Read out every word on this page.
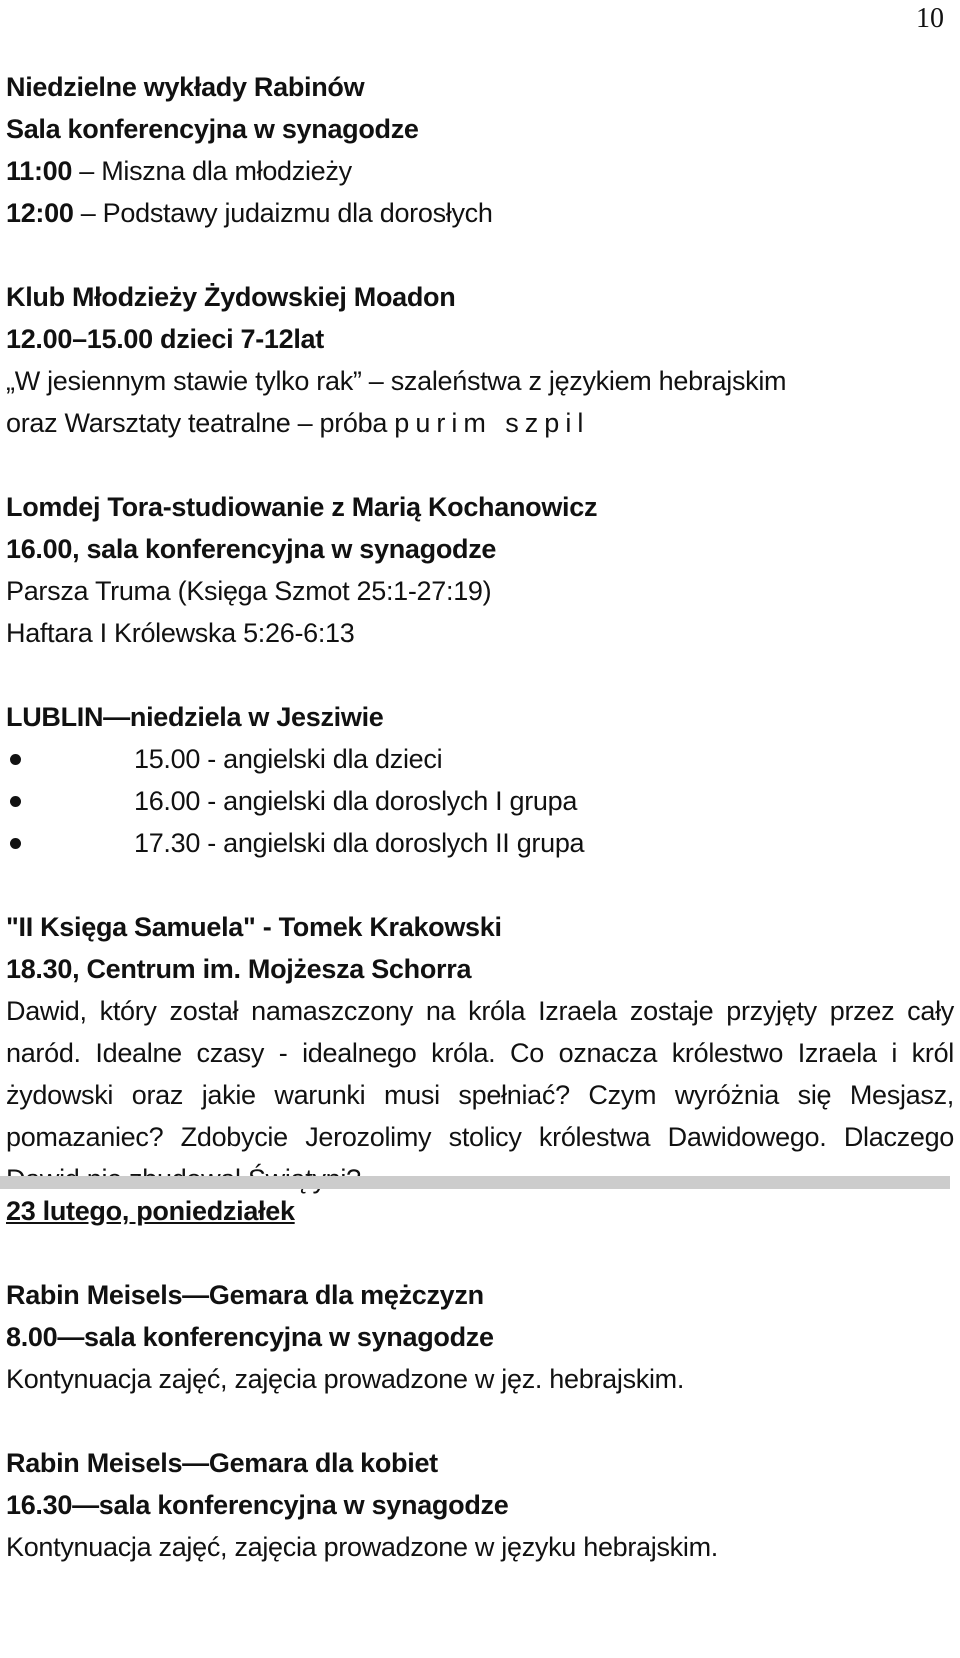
10

Niedzielne wykłady Rabinów

Sala konferencyjna w synagodze

11:00 – Miszna dla młodzieży

12:00 – Podstawy judaizmu dla dorosłych

Klub Młodzieży Żydowskiej Moadon

12.00–15.00 dzieci 7-12lat

„W jesiennym stawie tylko rak” – szaleństwa z językiem hebrajskim

oraz Warsztaty teatralne – próba purim szpil

Lomdej Tora-studiowanie z Marią Kochanowicz

16.00, sala konferencyjna w synagodze

Parsza Truma (Księga Szmot 25:1-27:19)

Haftara I Królewska 5:26-6:13

LUBLIN—niedziela w Jesziwie

15.00 - angielski dla dzieci
16.00 - angielski dla doroslych I grupa
17.30 - angielski dla doroslych II grupa

"II Księga Samuela" - Tomek Krakowski

18.30, Centrum im. Mojżesza Schorra

Dawid, który został namaszczony na króla Izraela zostaje przyjęty przez cały naród. Idealne czasy - idealnego króla. Co oznacza królestwo Izraela i król żydowski oraz jakie warunki musi spełniać? Czym wyróżnia się Mesjasz, pomazaniec? Zdobycie Jerozolimy stolicy królestwa Dawidowego. Dlaczego

23 lutego, poniedziałek

Rabin Meisels—Gemara dla mężczyzn

8.00—sala konferencyjna w synagodze

Kontynuacja zajęć, zajęcia prowadzone w jęz. hebrajskim.

Rabin Meisels—Gemara dla kobiet

16.30—sala konferencyjna w synagodze

Kontynuacja zajęć, zajęcia prowadzone w języku hebrajskim.
